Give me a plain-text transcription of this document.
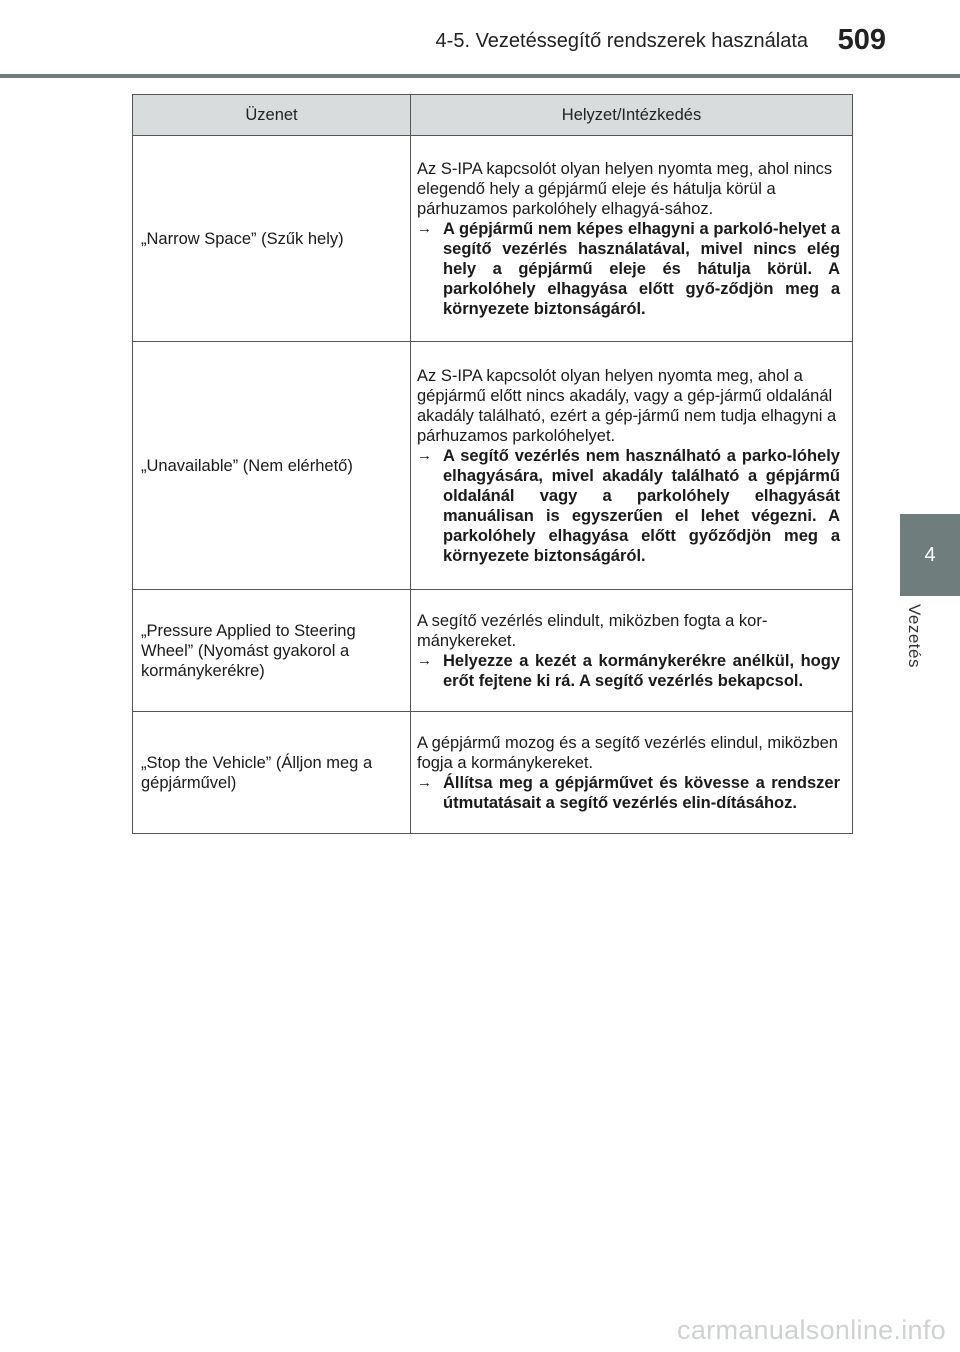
4-5. Vezetéssegítő rendszerek használata 509
4
Vezetés
Üzenet	Helyzet/Intézkedés
„Narrow Space” (Szűk hely)	Az S-IPA kapcsolót olyan helyen nyomta meg, ahol nincs elegendő hely a gépjármű eleje és hátulja körül a párhuzamos parkolóhely elhagyá-sához.

→ A gépjármű nem képes elhagyni a parkoló-helyet a segítő vezérlés használatával, mivel nincs elég hely a gépjármű eleje és hátulja körül. A parkolóhely elhagyása előtt győ-ződjön meg a környezete biztonságáról.

„Unavailable” (Nem elérhető)	Az S-IPA kapcsolót olyan helyen nyomta meg, ahol a gépjármű előtt nincs akadály, vagy a gép-jármű oldalánál akadály található, ezért a gép-jármű nem tudja elhagyni a párhuzamos parkolóhelyet.

→ A segítő vezérlés nem használható a parko-lóhely elhagyására, mivel akadály található a gépjármű oldalánál vagy a parkolóhely elhagyását manuálisan is egyszerűen el lehet végezni. A parkolóhely elhagyása előtt győződjön meg a környezete biztonságáról.

„Pressure Applied to Steering Wheel” (Nyomást gyakorol a kormánykerékre)	A segítő vezérlés elindult, miközben fogta a kor-mánykereket.

→ Helyezze a kezét a kormánykerékre anélkül, hogy erőt fejtene ki rá. A segítő vezérlés bekapcsol.

„Stop the Vehicle” (Álljon meg a gépjárművel)	A gépjármű mozog és a segítő vezérlés elindul, miközben fogja a kormánykereket.

→ Állítsa meg a gépjárművet és kövesse a rendszer útmutatásait a segítő vezérlés elin-dításához.
carmanualsonline.info
